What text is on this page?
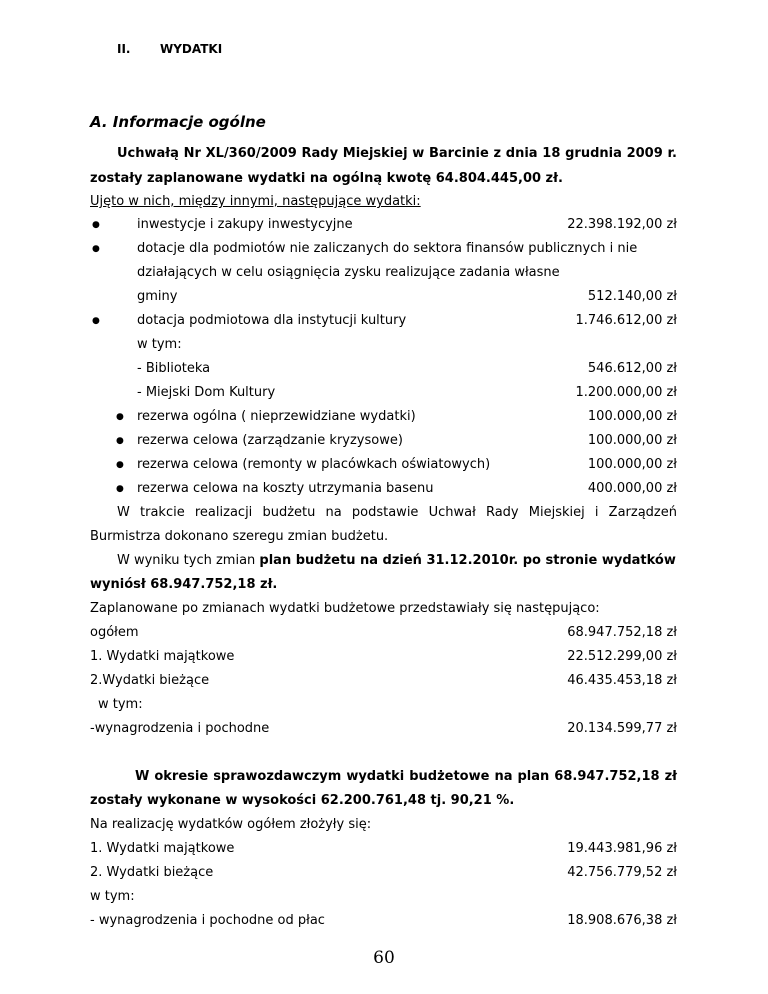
II. WYDATKI
A. Informacje ogólne
Uchwałą Nr XL/360/2009 Rady Miejskiej w Barcinie z dnia 18 grudnia 2009 r.
zostały zaplanowane wydatki na ogólną kwotę 64.804.445,00 zł.
Ujęto w nich, między innymi, następujące wydatki:
●	inwestycje i zakupy inwestycyjne	22.398.192,00 zł
●	dotacje dla podmiotów nie zaliczanych do sektora finansów publicznych i nie
działających w celu osiągnięcia zysku realizujące zadania własne
gminy	512.140,00 zł
●	dotacja podmiotowa dla instytucji kultury	1.746.612,00 zł
w tym:
- Biblioteka	546.612,00 zł
- Miejski Dom Kultury	1.200.000,00 zł
● rezerwa ogólna ( nieprzewidziane wydatki)	100.000,00 zł
● rezerwa celowa (zarządzanie kryzysowe)	100.000,00 zł
● rezerwa celowa (remonty w placówkach oświatowych)	100.000,00 zł
● rezerwa celowa na koszty utrzymania basenu	400.000,00 zł
W trakcie realizacji budżetu na podstawie Uchwał Rady Miejskiej i Zarządzeń
Burmistrza dokonano szeregu zmian budżetu.
W wyniku tych zmian plan budżetu na dzień 31.12.2010r. po stronie wydatków
wyniósł 68.947.752,18 zł.
Zaplanowane po zmianach wydatki budżetowe przedstawiały się następująco:
ogółem	68.947.752,18 zł
1. Wydatki majątkowe	22.512.299,00 zł
2.Wydatki bieżące	46.435.453,18 zł
w tym:
-wynagrodzenia i pochodne	20.134.599,77 zł
W okresie sprawozdawczym wydatki budżetowe na plan 68.947.752,18 zł
zostały wykonane w wysokości 62.200.761,48 tj. 90,21 %.
Na realizację wydatków ogółem złożyły się:
1. Wydatki majątkowe	19.443.981,96 zł
2. Wydatki bieżące	42.756.779,52 zł
w tym:
- wynagrodzenia i pochodne od płac	18.908.676,38 zł
60
